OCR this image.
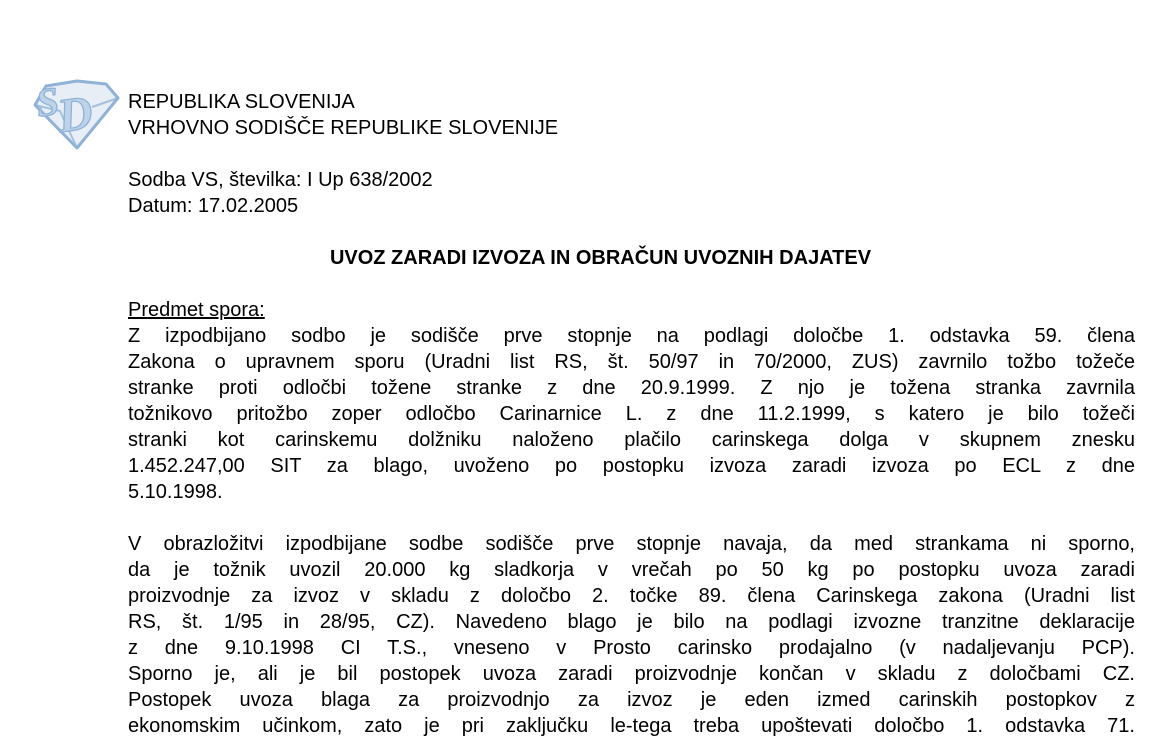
S
D REPUBLIKA SLOVENIJA
VRHOVNO SODIŠČE REPUBLIKE SLOVENIJE
Sodba VS, številka: I Up 638/2002
Datum: 17.02.2005
UVOZ ZARADI IZVOZA IN OBRAČUN UVOZNIH DAJATEV
Predmet spora:
Z izpodbijano sodbo je sodišče prve stopnje na podlagi določbe 1. odstavka 59. člena
Zakona o upravnem sporu (Uradni list RS, št. 50/97 in 70/2000, ZUS) zavrnilo tožbo tožeče
stranke proti odločbi tožene stranke z dne 20.9.1999. Z njo je tožena stranka zavrnila
tožnikovo pritožbo zoper odločbo Carinarnice L. z dne 11.2.1999, s katero je bilo tožeči
stranki kot carinskemu dolžniku naloženo plačilo carinskega dolga v skupnem znesku
1.452.247,00 SIT za blago, uvoženo po postopku izvoza zaradi izvoza po ECL z dne
5.10.1998.
V obrazložitvi izpodbijane sodbe sodišče prve stopnje navaja, da med strankama ni sporno,
da je tožnik uvozil 20.000 kg sladkorja v vrečah po 50 kg po postopku uvoza zaradi
proizvodnje za izvoz v skladu z določbo 2. točke 89. člena Carinskega zakona (Uradni list
RS, št. 1/95 in 28/95, CZ). Navedeno blago je bilo na podlagi izvozne tranzitne deklaracije
z dne 9.10.1998 CI T.S., vneseno v Prosto carinsko prodajalno (v nadaljevanju PCP).
Sporno je, ali je bil postopek uvoza zaradi proizvodnje končan v skladu z določbami CZ.
Postopek uvoza blaga za proizvodnjo za izvoz je eden izmed carinskih postopkov z
ekonomskim učinkom, zato je pri zaključku le-tega treba upoštevati določbo 1. odstavka 71.
